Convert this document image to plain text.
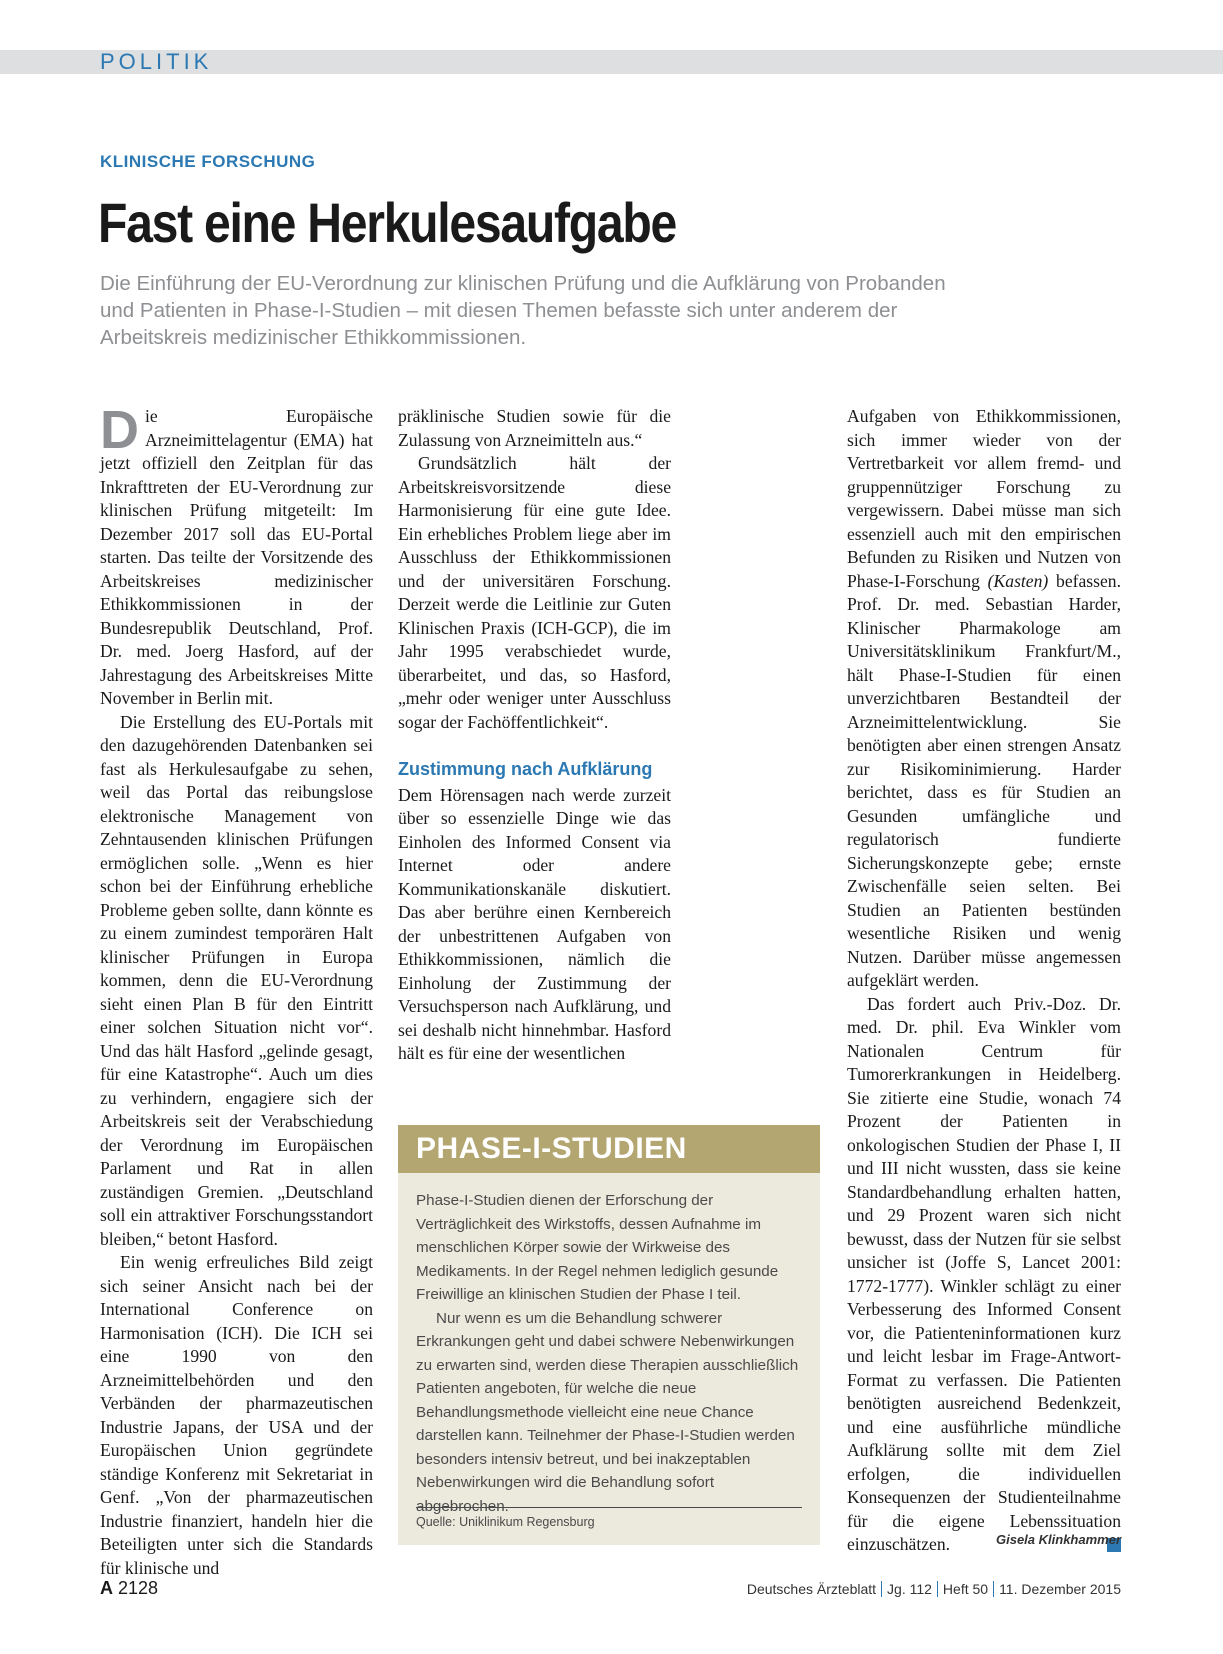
POLITIK
KLINISCHE FORSCHUNG
Fast eine Herkulesaufgabe
Die Einführung der EU-Verordnung zur klinischen Prüfung und die Aufklärung von Probanden und Patienten in Phase-I-Studien – mit diesen Themen befasste sich unter anderem der Arbeitskreis medizinischer Ethikkommissionen.

Die Europäische Arzneimittelagentur (EMA) hat jetzt offiziell den Zeitplan für das Inkrafttreten der EU-Verordnung zur klinischen Prüfung mitgeteilt: Im Dezember 2017 soll das EU-Portal starten. Das teilte der Vorsitzende des Arbeitskreises medizinischer Ethikkommissionen in der Bundesrepublik Deutschland, Prof. Dr. med. Joerg Hasford, auf der Jahrestagung des Arbeitskreises Mitte November in Berlin mit.

Die Erstellung des EU-Portals mit den dazugehörenden Datenbanken sei fast als Herkulesaufgabe zu sehen, weil das Portal das reibungslose elektronische Management von Zehntausenden klinischen Prüfungen ermöglichen solle. „Wenn es hier schon bei der Einführung erhebliche Probleme geben sollte, dann könnte es zu einem zumindest temporären Halt klinischer Prüfungen in Europa kommen, denn die EU-Verordnung sieht einen Plan B für den Eintritt einer solchen Situation nicht vor“. Und das hält Hasford „gelinde gesagt, für eine Katastrophe“. Auch um dies zu verhindern, engagiere sich der Arbeitskreis seit der Verabschiedung der Verordnung im Europäischen Parlament und Rat in allen zuständigen Gremien. „Deutschland soll ein attraktiver Forschungsstandort bleiben,“ betont Hasford.

Ein wenig erfreuliches Bild zeigt sich seiner Ansicht nach bei der International Conference on Harmonisation (ICH). Die ICH sei eine 1990 von den Arzneimittelbehörden und den Verbänden der pharmazeutischen Industrie Japans, der USA und der Europäischen Union gegründete ständige Konferenz mit Sekretariat in Genf. „Von der pharmazeutischen Industrie finanziert, handeln hier die Beteiligten unter sich die Standards für klinische und

präklinische Studien sowie für die Zulassung von Arzneimitteln aus.“

Grundsätzlich hält der Arbeitskreisvorsitzende diese Harmonisierung für eine gute Idee. Ein erhebliches Problem liege aber im Ausschluss der Ethikkommissionen und der universitären Forschung. Derzeit werde die Leitlinie zur Guten Klinischen Praxis (ICH-GCP), die im Jahr 1995 verabschiedet wurde, überarbeitet, und das, so Hasford, „mehr oder weniger unter Ausschluss sogar der Fachöffentlichkeit“.

Zustimmung nach Aufklärung

Dem Hörensagen nach werde zurzeit über so essenzielle Dinge wie das Einholen des Informed Consent via Internet oder andere Kommunikationskanäle diskutiert. Das aber berühre einen Kernbereich der unbestrittenen Aufgaben von Ethikkommissionen, nämlich die Einholung der Zustimmung der Versuchsperson nach Aufklärung, und sei deshalb nicht hinnehmbar. Hasford hält es für eine der wesentlichen

PHASE-I-STUDIEN

Phase-I-Studien dienen der Erforschung der Verträglichkeit des Wirkstoffs, dessen Aufnahme im menschlichen Körper sowie der Wirkweise des Medikaments. In der Regel nehmen lediglich gesunde Freiwillige an klinischen Studien der Phase I teil.

Nur wenn es um die Behandlung schwerer Erkrankungen geht und dabei schwere Nebenwirkungen zu erwarten sind, werden diese Therapien ausschließlich Patienten angeboten, für welche die neue Behandlungsmethode vielleicht eine neue Chance darstellen kann. Teilnehmer der Phase-I-Studien werden besonders intensiv betreut, und bei inakzeptablen Nebenwirkungen wird die Behandlung sofort abgebrochen.

Quelle: Uniklinikum Regensburg

Aufgaben von Ethikkommissionen, sich immer wieder von der Vertretbarkeit vor allem fremd- und gruppennütziger Forschung zu vergewissern. Dabei müsse man sich essenziell auch mit den empirischen Befunden zu Risiken und Nutzen von Phase-I-Forschung (Kasten) befassen. Prof. Dr. med. Sebastian Harder, Klinischer Pharmakologe am Universitätsklinikum Frankfurt/M., hält Phase-I-Studien für einen unverzichtbaren Bestandteil der Arzneimittelentwicklung. Sie benötigten aber einen strengen Ansatz zur Risikominimierung. Harder berichtet, dass es für Studien an Gesunden umfängliche und regulatorisch fundierte Sicherungskonzepte gebe; ernste Zwischenfälle seien selten. Bei Studien an Patienten bestünden wesentliche Risiken und wenig Nutzen. Darüber müsse angemessen aufgeklärt werden.

Das fordert auch Priv.-Doz. Dr. med. Dr. phil. Eva Winkler vom Nationalen Centrum für Tumorerkrankungen in Heidelberg. Sie zitierte eine Studie, wonach 74 Prozent der Patienten in onkologischen Studien der Phase I, II und III nicht wussten, dass sie keine Standardbehandlung erhalten hatten, und 29 Prozent waren sich nicht bewusst, dass der Nutzen für sie selbst unsicher ist (Joffe S, Lancet 2001: 1772-1777). Winkler schlägt zu einer Verbesserung des Informed Consent vor, die Patienteninformationen kurz und leicht lesbar im Frage-Antwort-Format zu verfassen. Die Patienten benötigten ausreichend Bedenkzeit, und eine ausführliche mündliche Aufklärung sollte mit dem Ziel erfolgen, die individuellen Konsequenzen der Studienteilnahme für die eigene Lebenssituation einzuschätzen.	Gisela Klinkhammer
A 2128	Deutsches Ärzteblatt Jg. 112 Heft 50 11. Dezember 2015
